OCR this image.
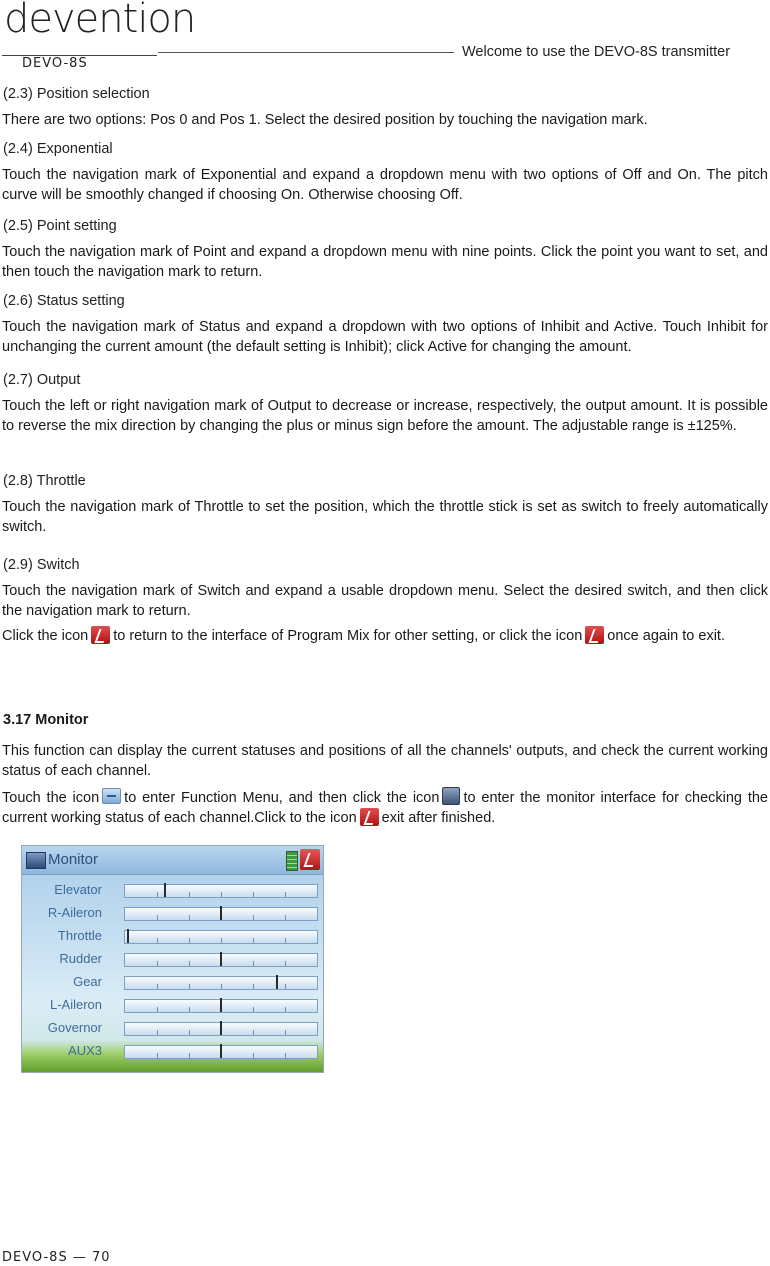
devention
DEVO-8S
Welcome to use the DEVO-8S transmitter
(2.3) Position selection
There are two options: Pos 0 and Pos 1. Select the desired position by touching the navigation mark.
(2.4) Exponential
Touch the navigation mark of Exponential and expand a dropdown menu with two options of Off and On. The pitch curve will be smoothly changed if choosing On. Otherwise choosing Off.
(2.5) Point setting
Touch the navigation mark of Point and expand a dropdown menu with nine points. Click the point you want to set, and then touch the navigation mark to return.
(2.6) Status setting
Touch the navigation mark of Status and expand a dropdown with two options of Inhibit and Active. Touch Inhibit for unchanging the current amount (the default setting is Inhibit); click Active for changing the amount.
(2.7) Output
Touch the left or right navigation mark of Output to decrease or increase, respectively, the output amount. It is possible to reverse the mix direction by changing the plus or minus sign before the amount. The adjustable range is ±125%.
(2.8) Throttle
Touch the navigation mark of Throttle to set the position, which the throttle stick is set as switch to freely automatically switch.
(2.9) Switch
Touch the navigation mark of Switch and expand a usable dropdown menu. Select the desired switch, and then click the navigation mark to return.
Click the icon to return to the interface of Program Mix for other setting, or click the icon once again to exit.
3.17 Monitor
This function can display the current statuses and positions of all the channels' outputs, and check the current working status of each channel.
Touch the icon to enter Function Menu, and then click the icon to enter the monitor interface for checking the current working status of each channel.Click to the icon exit after finished.
Monitor
Elevator
R-Aileron
Throttle
Rudder
Gear
L-Aileron
Governor
AUX3
DEVO-8S — 70
